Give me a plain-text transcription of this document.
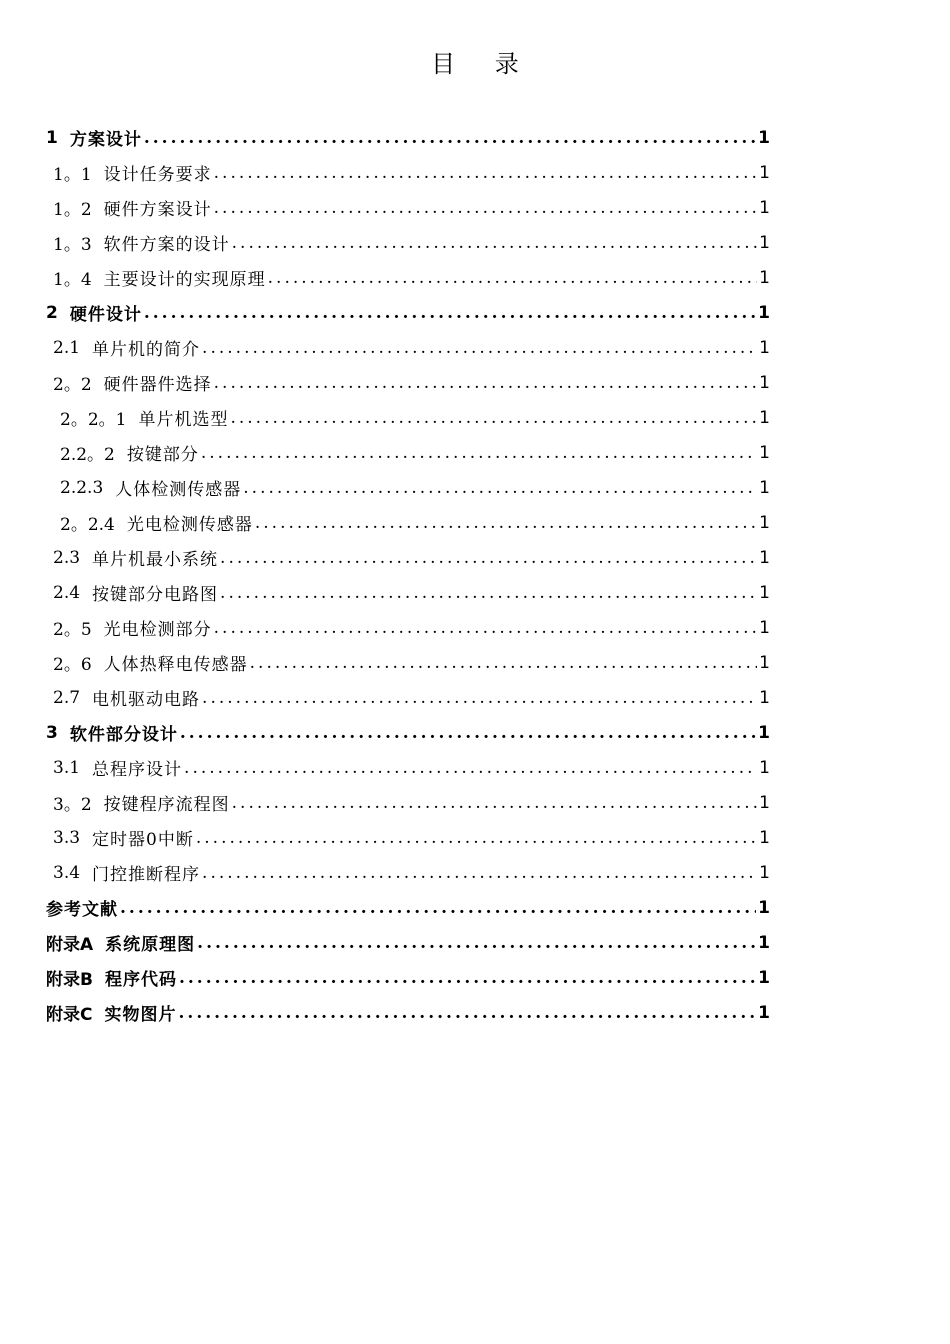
目 录
1 方案设计 .....	1
1。1 设计任务要求 .....	1
1。2 硬件方案设计 .....	1
1。3 软件方案的设计 .....	1
1。4 主要设计的实现原理 .....	1
2 硬件设计 .....	1
2.1 单片机的简介 .....	1
2。2 硬件器件选择 .....	1
2。2。1 单片机选型 .....	1
2.2。2 按键部分 .....	1
2.2.3 人体检测传感器 .....	1
2。2.4 光电检测传感器 .....	1
2.3 单片机最小系统 .....	1
2.4 按键部分电路图 .....	1
2。5 光电检测部分 .....	1
2。6 人体热释电传感器 .....	1
2.7 电机驱动电路 .....	1
3 软件部分设计 .....	1
3.1 总程序设计 .....	1
3。2 按键程序流程图 .....	1
3.3 定时器0中断 .....	1
3.4 门控推断程序 .....	1
参考文献 .....	1
附录A 系统原理图 .....	1
附录B 程序代码 .....	1
附录C 实物图片 .....	1
